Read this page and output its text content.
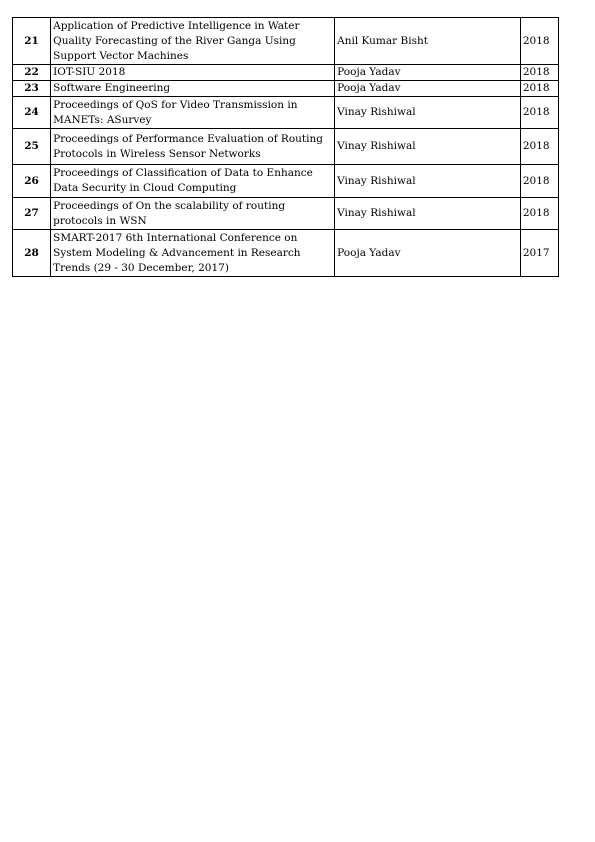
21	Application of Predictive Intelligence in Water Quality Forecasting of the River Ganga Using Support Vector Machines	Anil Kumar Bisht	2018
22	IOT-SIU 2018	Pooja Yadav	2018
23	Software Engineering	Pooja Yadav	2018
24	Proceedings of QoS for Video Transmission in MANETs: ASurvey	Vinay Rishiwal	2018
25	Proceedings of Performance Evaluation of Routing Protocols in Wireless Sensor Networks	Vinay Rishiwal	2018
26	Proceedings of Classification of Data to Enhance Data Security in Cloud Computing	Vinay Rishiwal	2018
27	Proceedings of On the scalability of routing protocols in WSN	Vinay Rishiwal	2018
28	SMART-2017 6th International Conference on System Modeling & Advancement in Research Trends (29 - 30 December, 2017)	Pooja Yadav	2017
